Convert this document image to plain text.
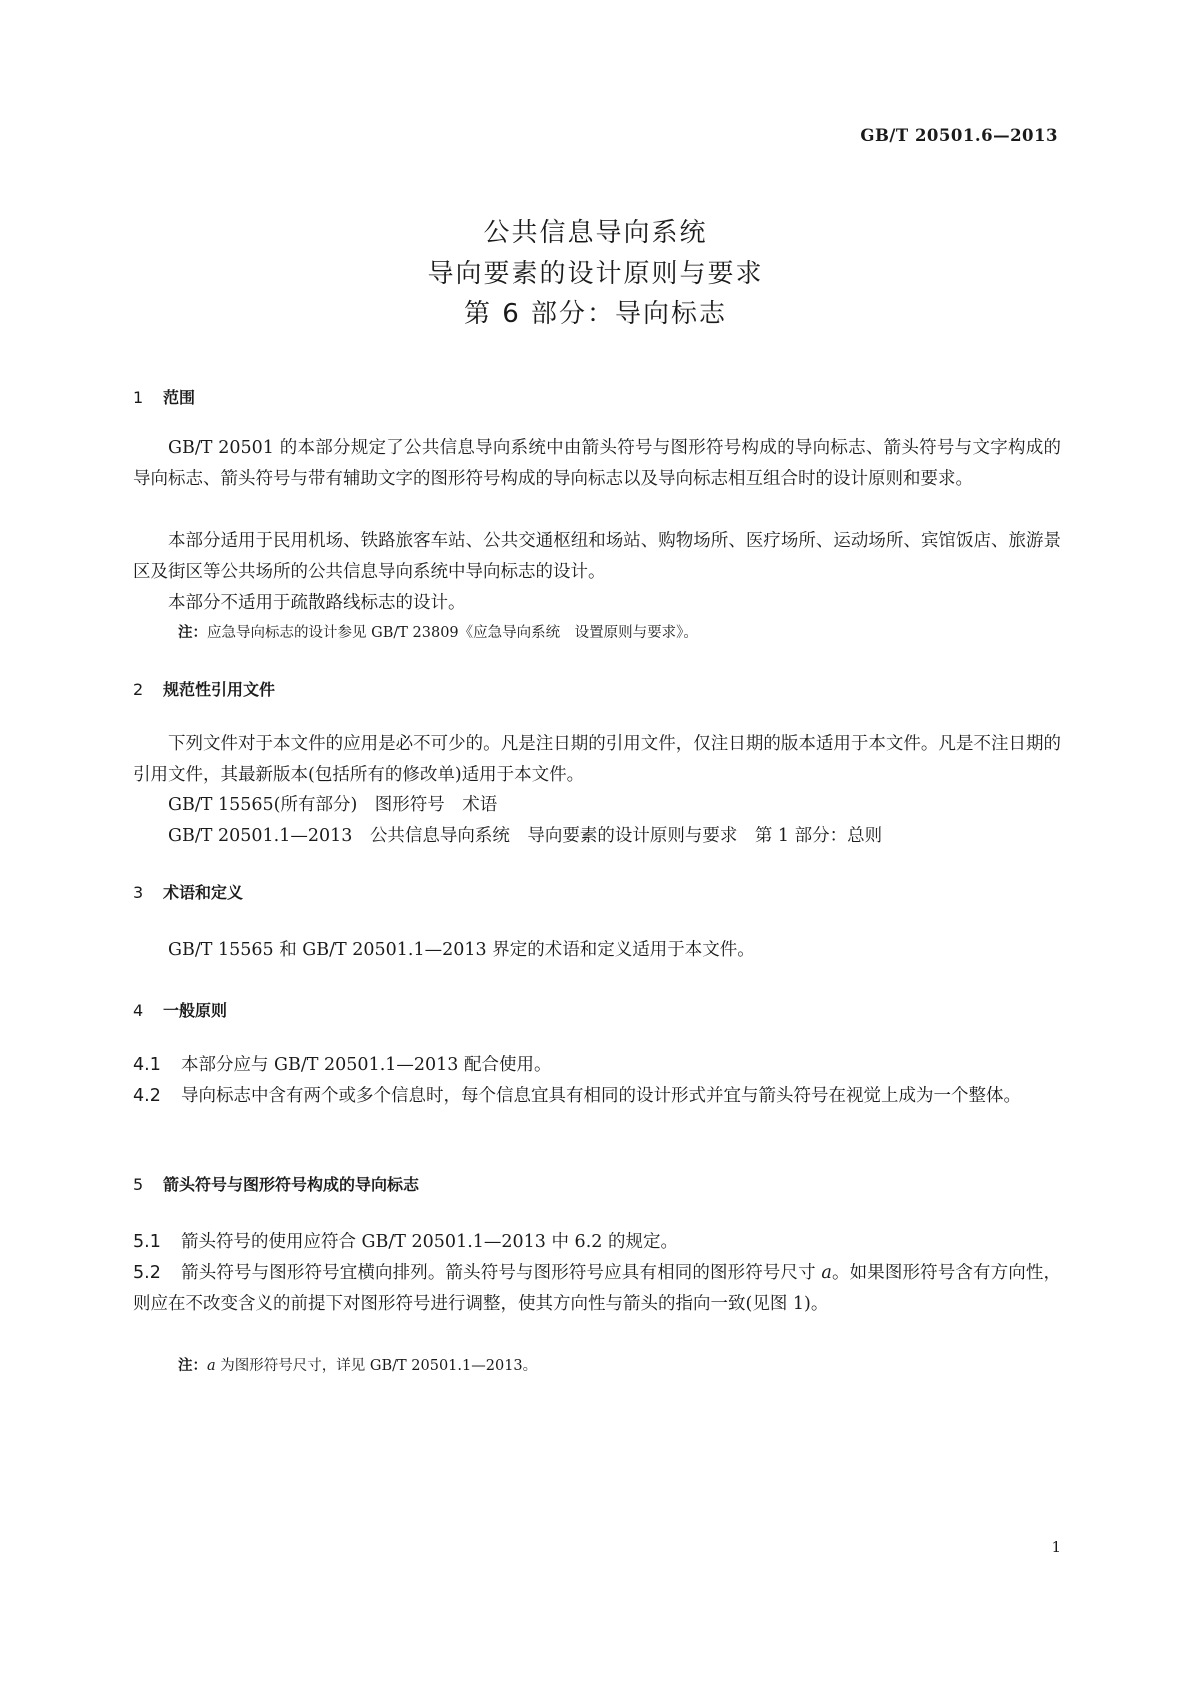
GB/T 20501.6—2013
公共信息导向系统
导向要素的设计原则与要求
第 6 部分：导向标志
1 范围
GB/T 20501 的本部分规定了公共信息导向系统中由箭头符号与图形符号构成的导向标志、箭头符号与文字构成的导向标志、箭头符号与带有辅助文字的图形符号构成的导向标志以及导向标志相互组合时的设计原则和要求。
本部分适用于民用机场、铁路旅客车站、公共交通枢纽和场站、购物场所、医疗场所、运动场所、宾馆饭店、旅游景区及街区等公共场所的公共信息导向系统中导向标志的设计。
本部分不适用于疏散路线标志的设计。
注：应急导向标志的设计参见 GB/T 23809《应急导向系统　设置原则与要求》。
2 规范性引用文件
下列文件对于本文件的应用是必不可少的。凡是注日期的引用文件，仅注日期的版本适用于本文件。凡是不注日期的引用文件，其最新版本(包括所有的修改单)适用于本文件。
GB/T 15565(所有部分)　图形符号　术语
GB/T 20501.1—2013　公共信息导向系统　导向要素的设计原则与要求　第 1 部分：总则
3 术语和定义
GB/T 15565 和 GB/T 20501.1—2013 界定的术语和定义适用于本文件。
4 一般原则
4.1 本部分应与 GB/T 20501.1—2013 配合使用。
4.2 导向标志中含有两个或多个信息时，每个信息宜具有相同的设计形式并宜与箭头符号在视觉上成为一个整体。
5 箭头符号与图形符号构成的导向标志
5.1 箭头符号的使用应符合 GB/T 20501.1—2013 中 6.2 的规定。
5.2 箭头符号与图形符号宜横向排列。箭头符号与图形符号应具有相同的图形符号尺寸 a。如果图形符号含有方向性，则应在不改变含义的前提下对图形符号进行调整，使其方向性与箭头的指向一致(见图 1)。
注：a 为图形符号尺寸，详见 GB/T 20501.1—2013。
1
